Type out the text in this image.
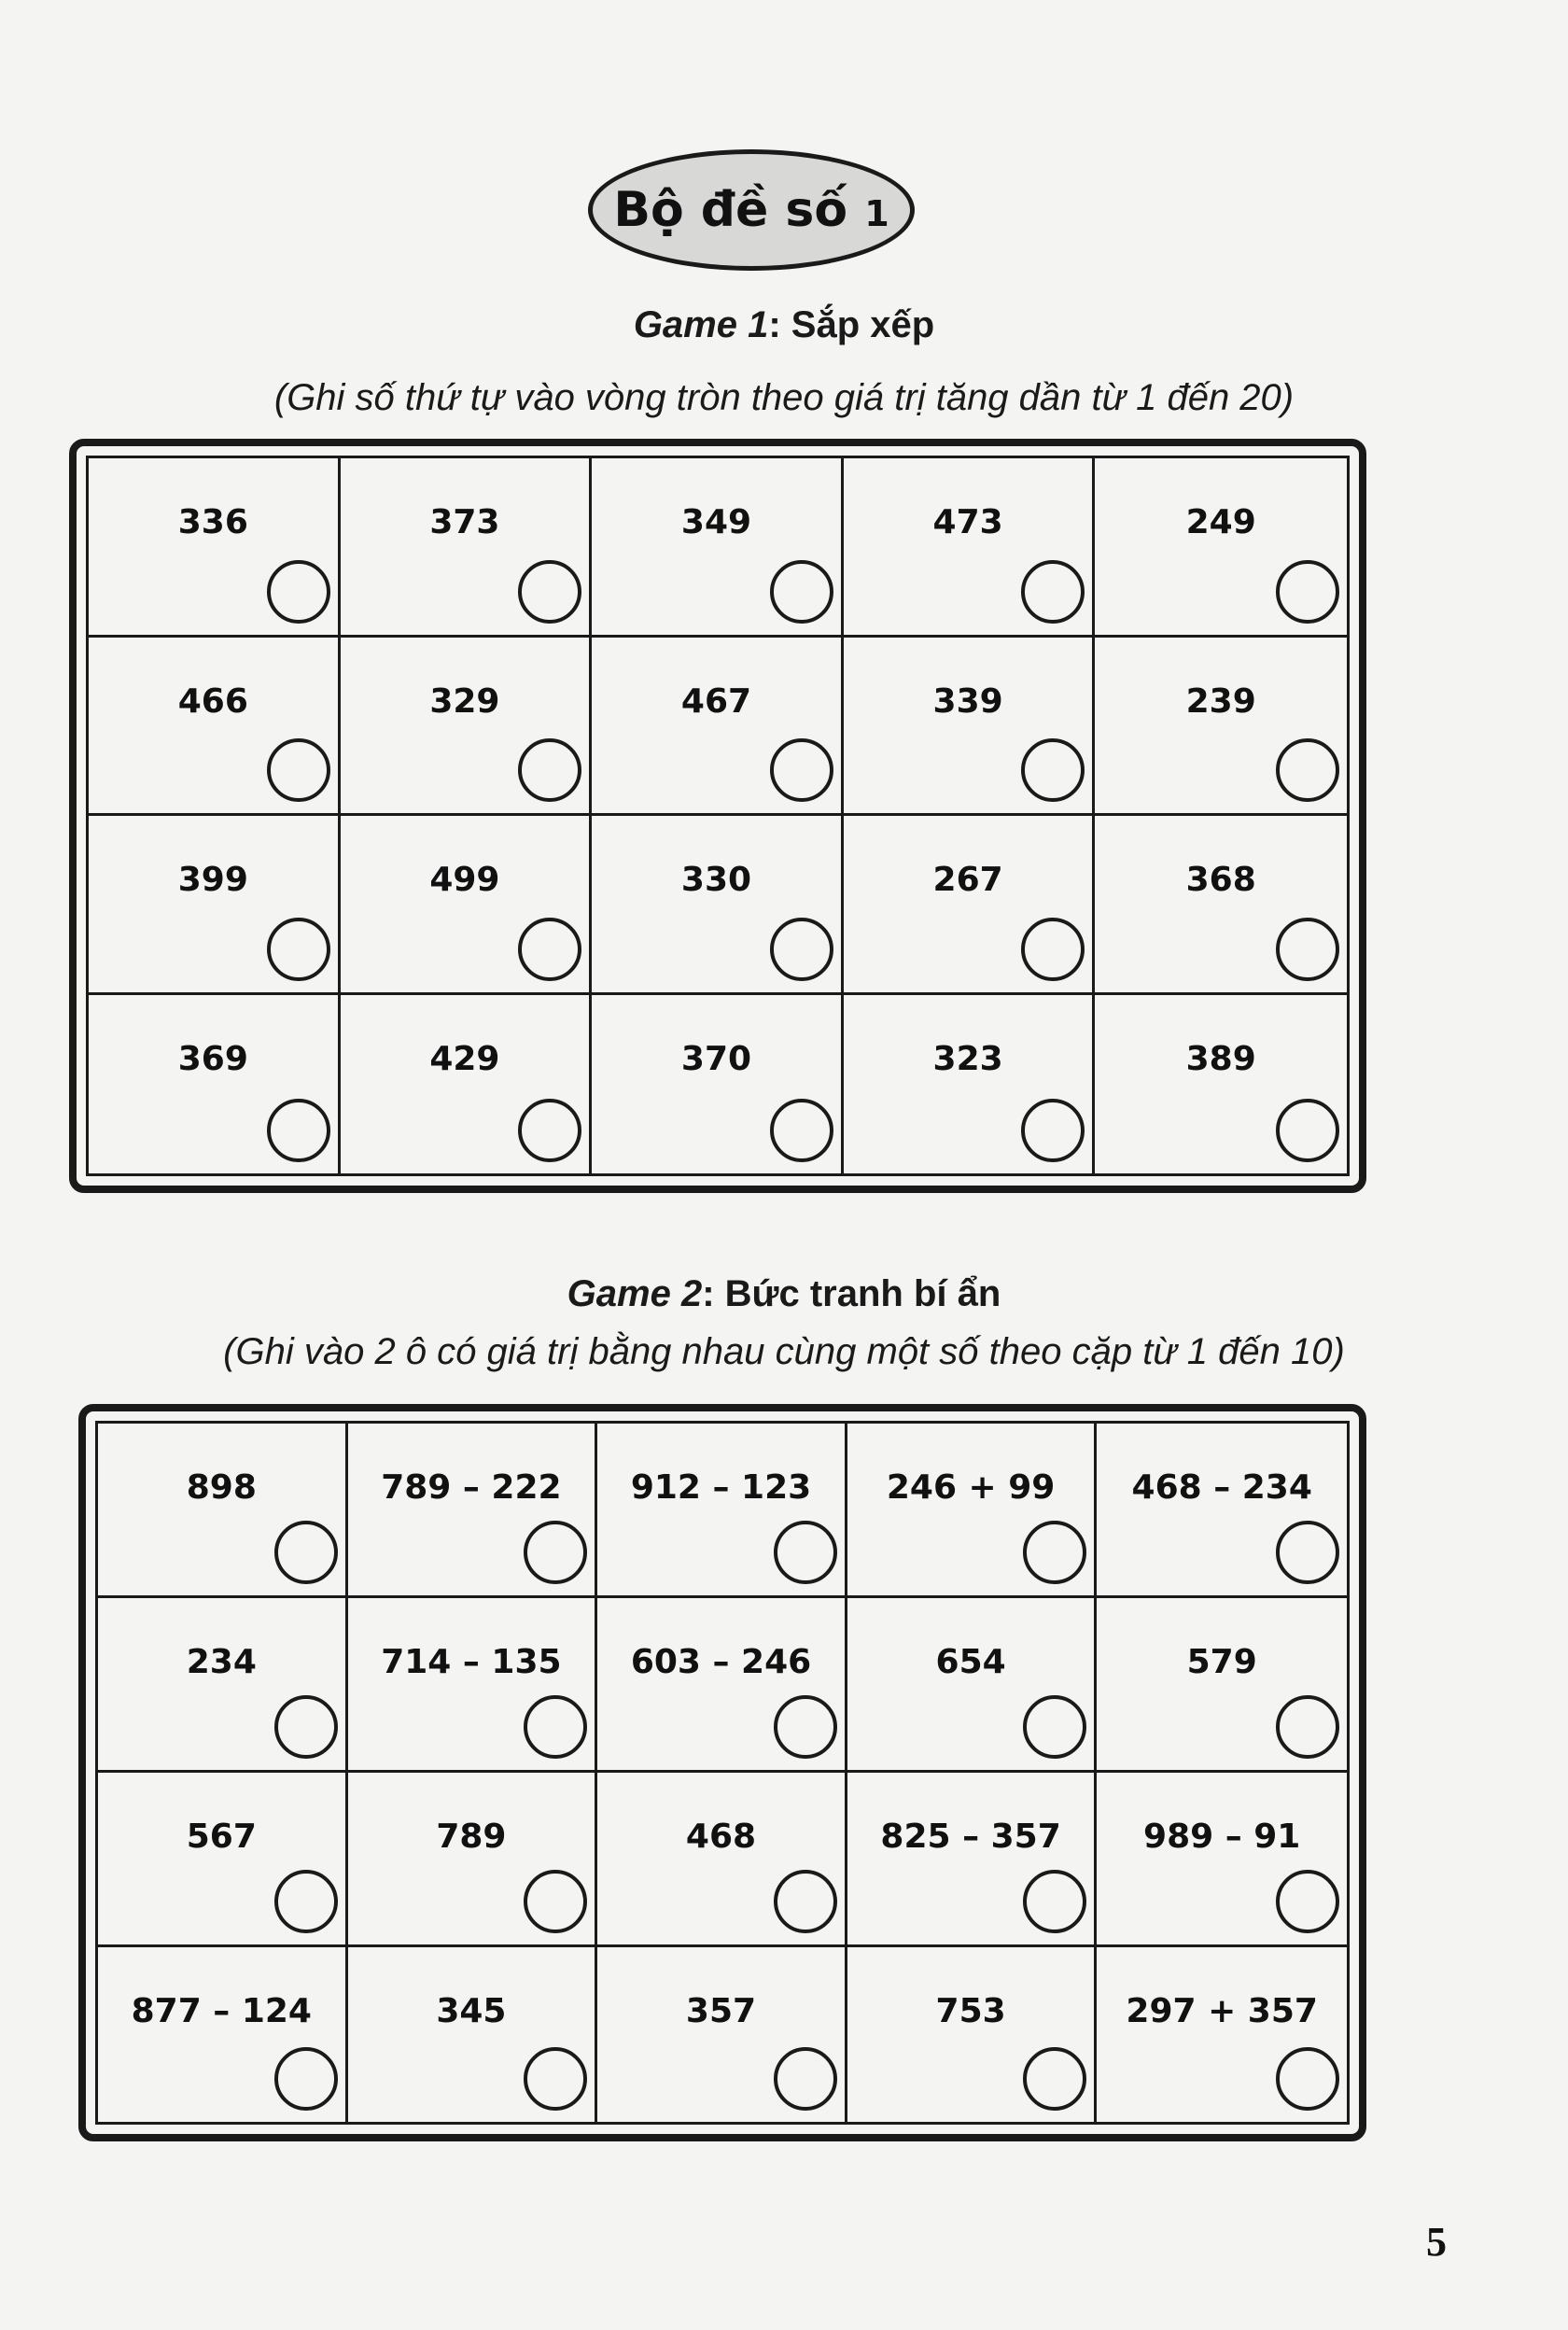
Bộ đề số 1
Game 1: Sắp xếp
(Ghi số thứ tự vào vòng tròn theo giá trị tăng dần từ 1 đến 20)
336	373	349	473	249
466	329	467	339	239
399	499	330	267	368
369	429	370	323	389
Game 2: Bức tranh bí ẩn
(Ghi vào 2 ô có giá trị bằng nhau cùng một số theo cặp từ 1 đến 10)
898	789 – 222	912 – 123	246 + 99	468 – 234
234	714 – 135	603 – 246	654	579
567	789	468	825 – 357	989 – 91
877 – 124	345	357	753	297 + 357
5
